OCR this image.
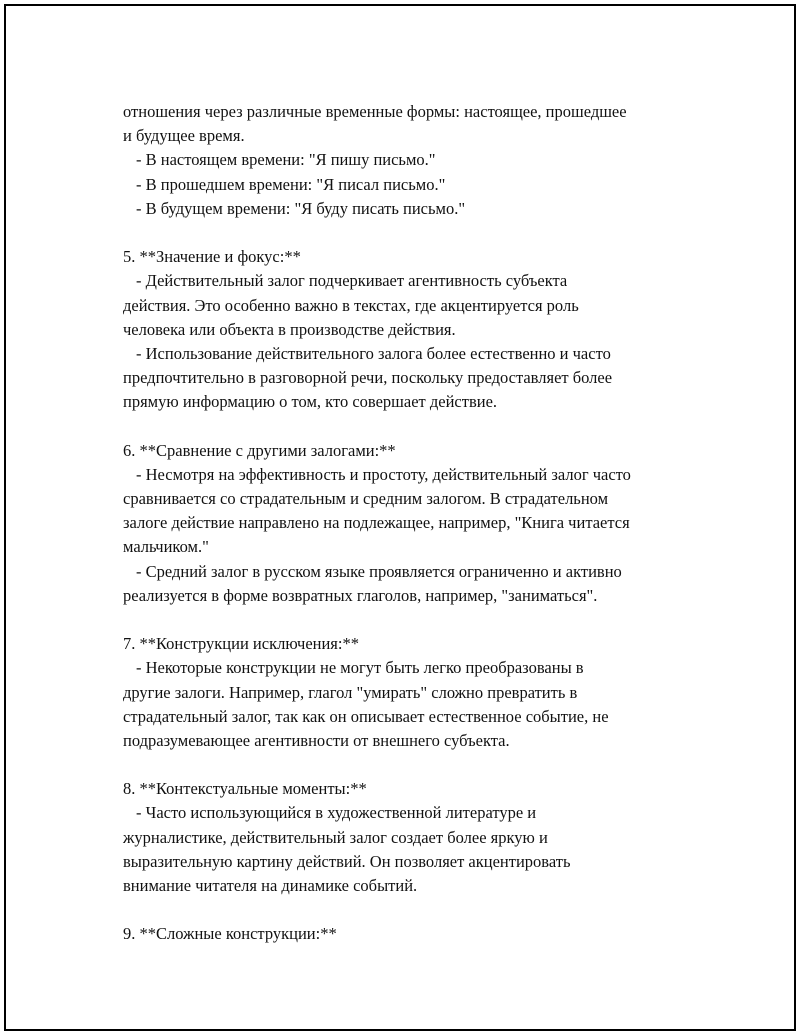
отношения через различные временные формы: настоящее, прошедшее
и будущее время.
- В настоящем времени: "Я пишу письмо."
- В прошедшем времени: "Я писал письмо."
- В будущем времени: "Я буду писать письмо."
5. **Значение и фокус:**
- Действительный залог подчеркивает агентивность субъекта
действия. Это особенно важно в текстах, где акцентируется роль
человека или объекта в производстве действия.
- Использование действительного залога более естественно и часто
предпочтительно в разговорной речи, поскольку предоставляет более
прямую информацию о том, кто совершает действие.
6. **Сравнение с другими залогами:**
- Несмотря на эффективность и простоту, действительный залог часто
сравнивается со страдательным и средним залогом. В страдательном
залоге действие направлено на подлежащее, например, "Книга читается
мальчиком."
- Средний залог в русском языке проявляется ограниченно и активно
реализуется в форме возвратных глаголов, например, "заниматься".
7. **Конструкции исключения:**
- Некоторые конструкции не могут быть легко преобразованы в
другие залоги. Например, глагол "умирать" сложно превратить в
страдательный залог, так как он описывает естественное событие, не
подразумевающее агентивности от внешнего субъекта.
8. **Контекстуальные моменты:**
- Часто использующийся в художественной литературе и
журналистике, действительный залог создает более яркую и
выразительную картину действий. Он позволяет акцентировать
внимание читателя на динамике событий.
9. **Сложные конструкции:**
